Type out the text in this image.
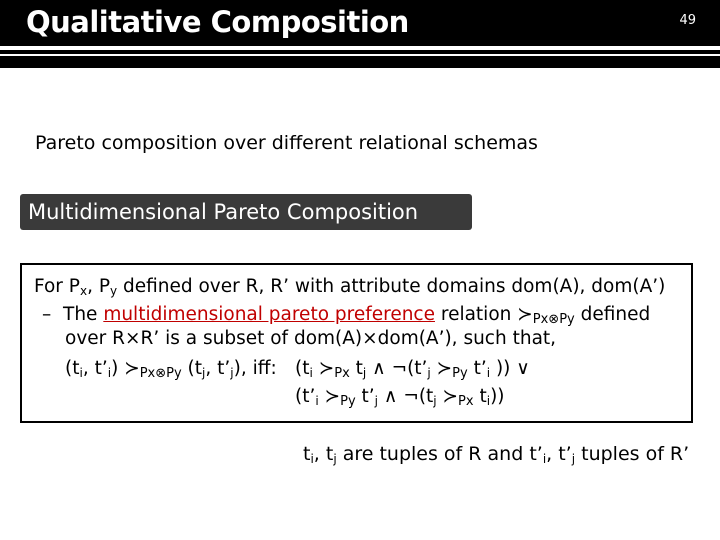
Qualitative Composition	49
Pareto composition over different relational schemas
Multidimensional Pareto Composition
For $P_x$, $P_y$ defined over R, R’ with attribute domains dom(A), dom(A’)
– The multidimensional pareto preference relation $≻_{Px\otimes Py}$ defined
over R×R’ is a subset of dom(A)×dom(A’), such that,
($t_i$, $t’_i$) $≻_{Px\otimes Py}$ ($t_j$, $t’_j$), iff: ($t_i$ $≻_{Px}$ $t_j$ ∧ $\neg(t’_j$ $≻_{Py}$ $t’_i$ )) ∨
($t’_i$ $≻_{Py}$ $t’_j$ ∧ $\neg(t_j$ $≻_{Px}$ $t_i$))
$t_i$, $t_j$ are tuples of R and $t’_i$, $t’_j$ tuples of R’
